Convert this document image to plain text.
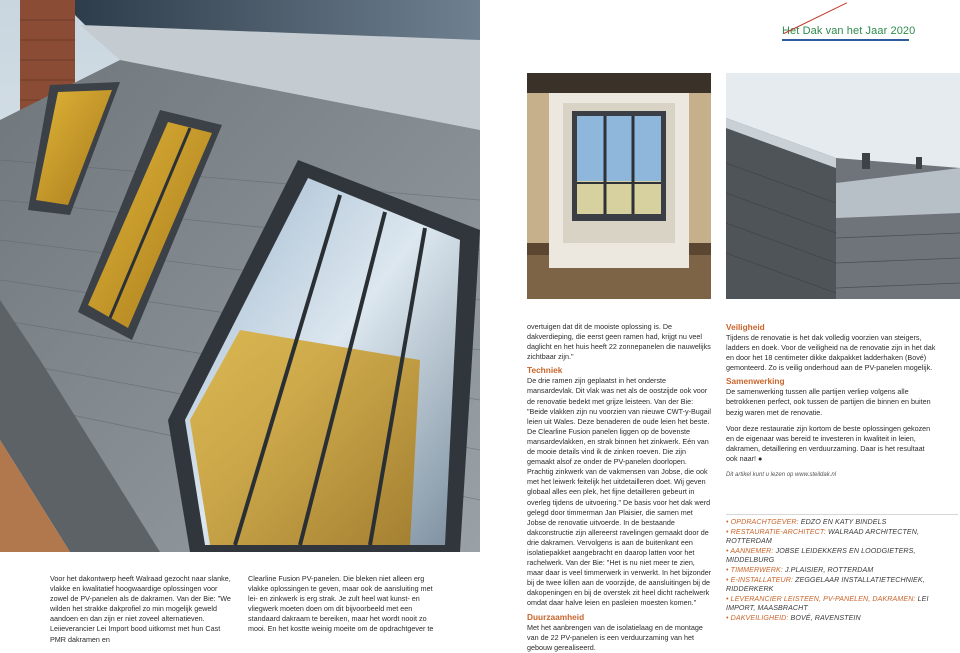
Het Dak van het Jaar 2020

Voor het dakontwerp heeft Walraad gezocht naar slanke, vlakke en kwalitatief hoogwaardige oplossingen voor zowel de PV-panelen als de dakramen. Van der Bie: "We wilden het strakke dakprofiel zo min mogelijk geweld aandoen en dan zijn er niet zoveel alternatieven. Leiieverancier Lei Import bood uitkomst met hun Cast PMR dakramen en

Clearline Fusion PV-panelen. Die bleken niet alleen erg vlakke oplossingen te geven, maar ook de aansluiting met lei- en zinkwerk is erg strak. Je zult heel wat kunst- en vliegwerk moeten doen om dit bijvoorbeeld met een standaard dakraam te bereiken, maar het wordt nooit zo mooi. En het kostte weinig moeite om de opdrachtgever te

overtuigen dat dit de mooiste oplossing is. De dakverdieping, die eerst geen ramen had, krijgt nu veel daglicht en het huis heeft 22 zonnepanelen die nauwelijks zichtbaar zijn."

Techniek

De drie ramen zijn geplaatst in het onderste mansardevlak. Dit vlak was net als de oostzijde ook voor de renovatie bedekt met grijze leisteen. Van der Bie: "Beide vlakken zijn nu voorzien van nieuwe CWT-y-Bugail leien uit Wales. Deze benaderen de oude leien het beste. De Clearline Fusion panelen liggen op de bovenste mansardevlakken, en strak binnen het zinkwerk. Eén van de mooie details vind ik de zinken roeven. Die zijn gemaakt alsof ze onder de PV-panelen doorlopen. Prachtig zinkwerk van de vakmensen van Jobse, die ook met het leiwerk feitelijk het uitdetailleren doet. Wij geven globaal alles een plek, het fijne detailleren gebeurt in overleg tijdens de uitvoering." De basis voor het dak werd gelegd door timmerman Jan Plaisier, die samen met Jobse de renovatie uitvoerde. In de bestaande dakconstructie zijn allereerst ravelingen gemaakt door de drie dakramen. Vervolgens is aan de buitenkant een isolatiepakket aangebracht en daarop latten voor het rachelwerk. Van der Bie: "Het is nu niet meer te zien, maar daar is veel timmerwerk in verwerkt. In het bijzonder bij de twee killen aan de voorzijde, de aansluitingen bij de dakopeningen en bij de overstek zit heel dicht rachelwerk omdat daar halve leien en pasleien moesten komen."

Duurzaamheid

Met het aanbrengen van de isolatielaag en de montage van de 22 PV-panelen is een verduurzaming van het gebouw gerealiseerd.

Veiligheid

Tijdens de renovatie is het dak volledig voorzien van steigers, ladders en doek. Voor de veiligheid na de renovatie zijn in het dak en door het 18 centimeter dikke dakpakket ladderhaken (Bové) gemonteerd. Zo is veilig onderhoud aan de PV-panelen mogelijk.

Samenwerking

De samenwerking tussen alle partijen verliep volgens alle betrokkenen perfect, ook tussen de partijen die binnen en buiten bezig waren met de renovatie.

Voor deze restauratie zijn kortom de beste oplossingen gekozen en de eigenaar was bereid te investeren in kwaliteit in leien, dakramen, detaillering en verduurzaming. Daar is het resultaat ook naar! ●

Dit artikel kunt u lezen op www.steildak.nl

• OPDRACHTGEVER: EDZO EN KATY BINDELS
• RESTAURATIE-ARCHITECT: WALRAAD ARCHITECTEN, ROTTERDAM
• AANNEMER: JOBSE LEIDEKKERS EN LOODGIETERS, MIDDELBURG
• TIMMERWERK: J.PLAISIER, ROTTERDAM
• E-INSTALLATEUR: ZEGGELAAR INSTALLATIETECHNIEK, RIDDERKERK
• LEVERANCIER LEISTEEN, PV-PANELEN, DAKRAMEN: LEI IMPORT, MAASBRACHT
• DAKVEILIGHEID: BOVÉ, RAVENSTEIN
